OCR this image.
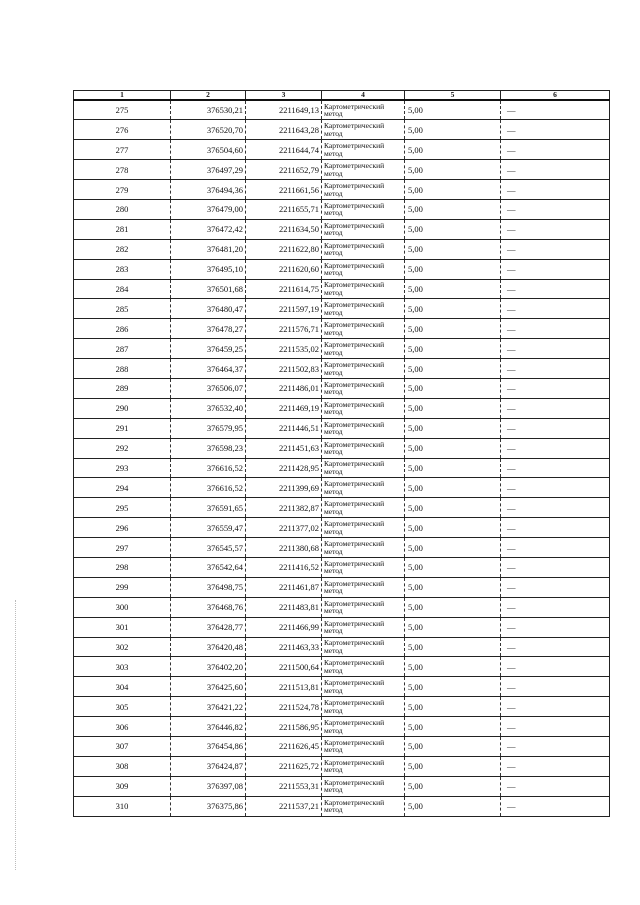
1	2	3	4	5	6
275	376530,21	2211649,13	Картометрический метод	5,00	—
276	376520,70	2211643,28	Картометрический метод	5,00	—
277	376504,60	2211644,74	Картометрический метод	5,00	—
278	376497,29	2211652,79	Картометрический метод	5,00	—
279	376494,36	2211661,56	Картометрический метод	5,00	—
280	376479,00	2211655,71	Картометрический метод	5,00	—
281	376472,42	2211634,50	Картометрический метод	5,00	—
282	376481,20	2211622,80	Картометрический метод	5,00	—
283	376495,10	2211620,60	Картометрический метод	5,00	—
284	376501,68	2211614,75	Картометрический метод	5,00	—
285	376480,47	2211597,19	Картометрический метод	5,00	—
286	376478,27	2211576,71	Картометрический метод	5,00	—
287	376459,25	2211535,02	Картометрический метод	5,00	—
288	376464,37	2211502,83	Картометрический метод	5,00	—
289	376506,07	2211486,01	Картометрический метод	5,00	—
290	376532,40	2211469,19	Картометрический метод	5,00	—
291	376579,95	2211446,51	Картометрический метод	5,00	—
292	376598,23	2211451,63	Картометрический метод	5,00	—
293	376616,52	2211428,95	Картометрический метод	5,00	—
294	376616,52	2211399,69	Картометрический метод	5,00	—
295	376591,65	2211382,87	Картометрический метод	5,00	—
296	376559,47	2211377,02	Картометрический метод	5,00	—
297	376545,57	2211380,68	Картометрический метод	5,00	—
298	376542,64	2211416,52	Картометрический метод	5,00	—
299	376498,75	2211461,87	Картометрический метод	5,00	—
300	376468,76	2211483,81	Картометрический метод	5,00	—
301	376428,77	2211466,99	Картометрический метод	5,00	—
302	376420,48	2211463,33	Картометрический метод	5,00	—
303	376402,20	2211500,64	Картометрический метод	5,00	—
304	376425,60	2211513,81	Картометрический метод	5,00	—
305	376421,22	2211524,78	Картометрический метод	5,00	—
306	376446,82	2211586,95	Картометрический метод	5,00	—
307	376454,86	2211626,45	Картометрический метод	5,00	—
308	376424,87	2211625,72	Картометрический метод	5,00	—
309	376397,08	2211553,31	Картометрический метод	5,00	—
310	376375,86	2211537,21	Картометрический метод	5,00	—
